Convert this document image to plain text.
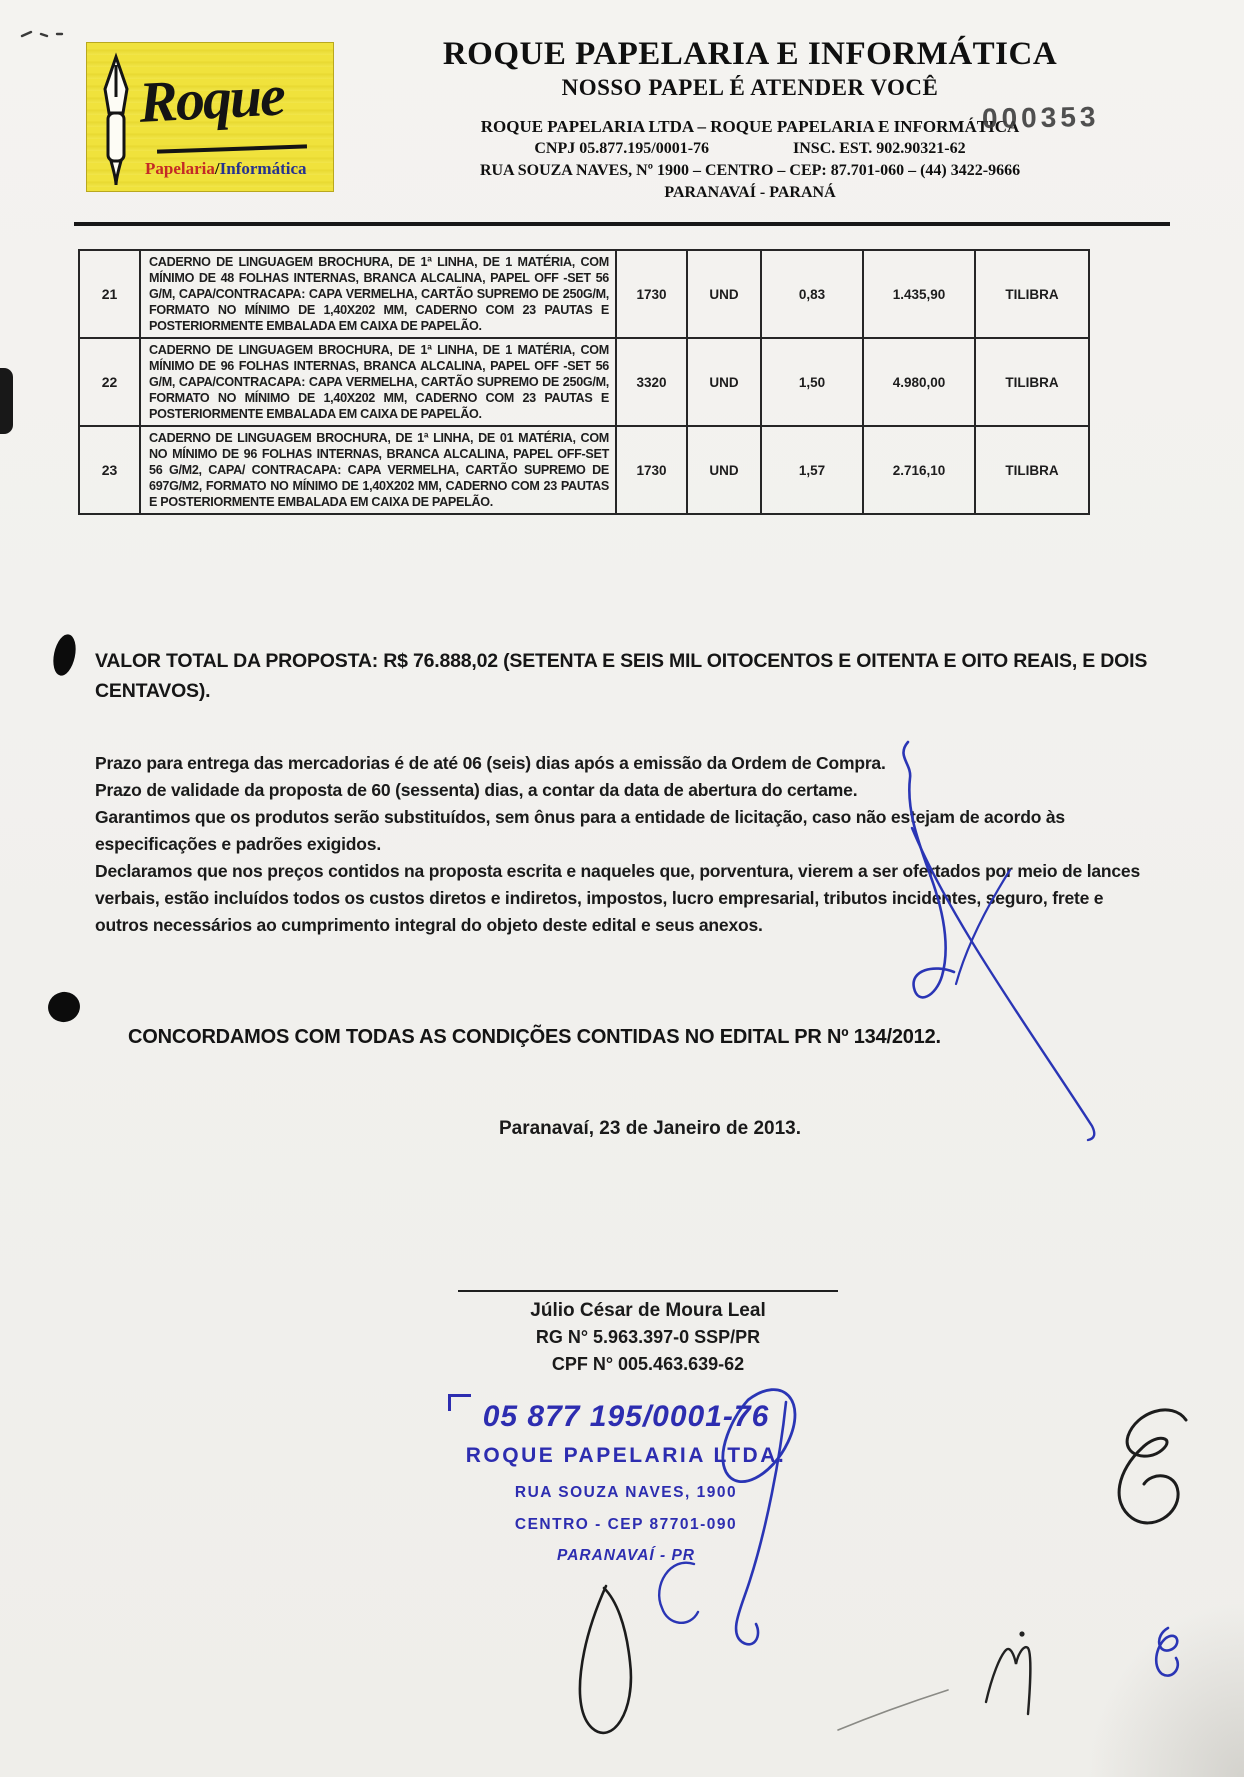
Roque
Papelaria/Informática
ROQUE PAPELARIA E INFORMÁTICA
NOSSO PAPEL É ATENDER VOCÊ
ROQUE PAPELARIA LTDA – ROQUE PAPELARIA E INFORMÁTICA
CNPJ 05.877.195/0001-76	INSC. EST. 902.90321-62
RUA SOUZA NAVES, Nº 1900 – CENTRO – CEP: 87.701-060 – (44) 3422-9666
PARANAVAÍ - PARANÁ
000353
21	CADERNO DE LINGUAGEM BROCHURA, DE 1ª LINHA, DE 1 MATÉRIA, COM MÍNIMO DE 48 FOLHAS INTERNAS, BRANCA ALCALINA, PAPEL OFF -SET 56 G/M, CAPA/CONTRACAPA: CAPA VERMELHA, CARTÃO SUPREMO DE 250G/M, FORMATO NO MÍNIMO DE 1,40X202 MM, CADERNO COM 23 PAUTAS E POSTERIORMENTE EMBALADA EM CAIXA DE PAPELÃO.	1730	UND	0,83	1.435,90	TILIBRA
22	CADERNO DE LINGUAGEM BROCHURA, DE 1ª LINHA, DE 1 MATÉRIA, COM MÍNIMO DE 96 FOLHAS INTERNAS, BRANCA ALCALINA, PAPEL OFF -SET 56 G/M, CAPA/CONTRACAPA: CAPA VERMELHA, CARTÃO SUPREMO DE 250G/M, FORMATO NO MÍNIMO DE 1,40X202 MM, CADERNO COM 23 PAUTAS E POSTERIORMENTE EMBALADA EM CAIXA DE PAPELÃO.	3320	UND	1,50	4.980,00	TILIBRA
23	CADERNO DE LINGUAGEM BROCHURA, DE 1ª LINHA, DE 01 MATÉRIA, COM NO MÍNIMO DE 96 FOLHAS INTERNAS, BRANCA ALCALINA, PAPEL OFF-SET 56 G/M2, CAPA/ CONTRACAPA: CAPA VERMELHA, CARTÃO SUPREMO DE 697G/M2, FORMATO NO MÍNIMO DE 1,40X202 MM, CADERNO COM 23 PAUTAS E POSTERIORMENTE EMBALADA EM CAIXA DE PAPELÃO.	1730	UND	1,57	2.716,10	TILIBRA
VALOR TOTAL DA PROPOSTA: R$ 76.888,02 (SETENTA E SEIS MIL OITOCENTOS E OITENTA E OITO REAIS, E DOIS CENTAVOS).

Prazo para entrega das mercadorias é de até 06 (seis) dias após a emissão da Ordem de Compra.

Prazo de validade da proposta de 60 (sessenta) dias, a contar da data de abertura do certame.

Garantimos que os produtos serão substituídos, sem ônus para a entidade de licitação, caso não estejam de acordo às especificações e padrões exigidos.

Declaramos que nos preços contidos na proposta escrita e naqueles que, porventura, vierem a ser ofertados por meio de lances verbais, estão incluídos todos os custos diretos e indiretos, impostos, lucro empresarial, tributos incidentes, seguro, frete e outros necessários ao cumprimento integral do objeto deste edital e seus anexos.

CONCORDAMOS COM TODAS AS CONDIÇÕES CONTIDAS NO EDITAL PR Nº 134/2012.
Paranavaí, 23 de Janeiro de 2013.
Júlio César de Moura Leal
RG N° 5.963.397-0 SSP/PR
CPF N° 005.463.639-62
05 877 195/0001-76
ROQUE PAPELARIA LTDA.
RUA SOUZA NAVES, 1900
CENTRO - CEP 87701-090
PARANAVAÍ - PR
